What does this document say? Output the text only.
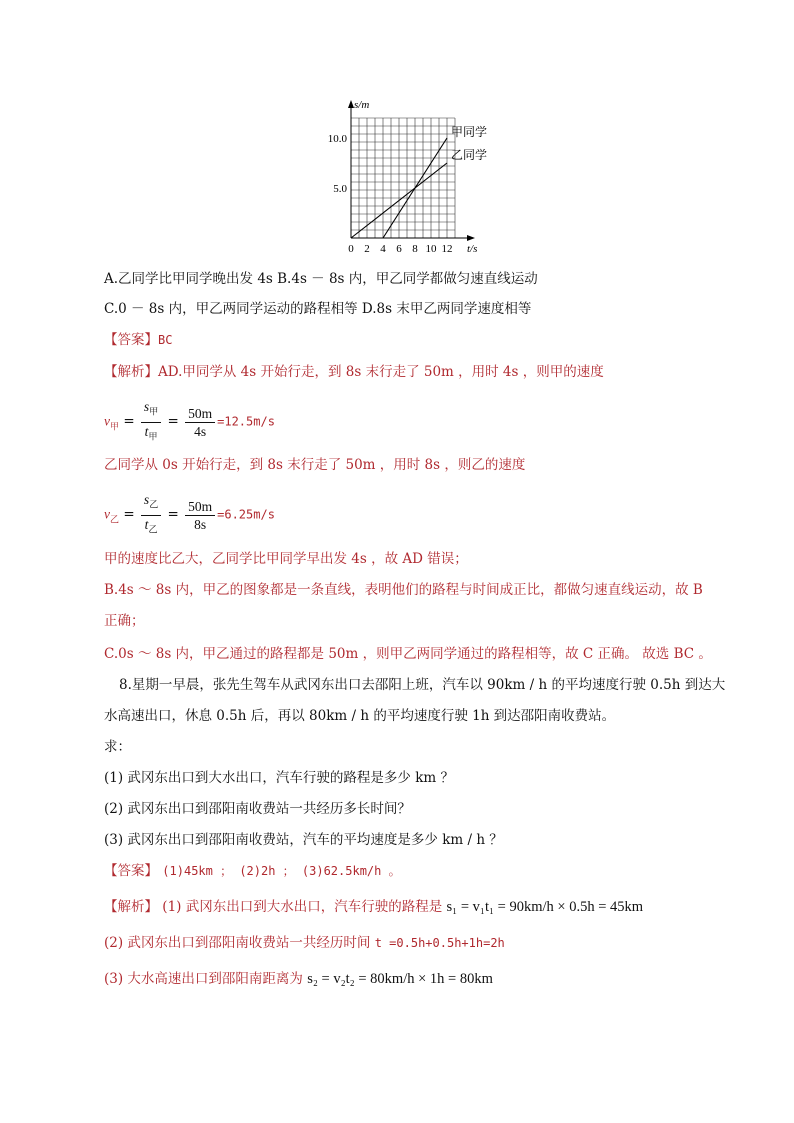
甲同学
乙同学
0 2 4 6 8 10 12
5.0
10.0
s/m
t/s
A.乙同学比甲同学晚出发 4s B.4s － 8s 内，甲乙同学都做匀速直线运动
C.0 － 8s 内，甲乙两同学运动的路程相等 D.8s 末甲乙两同学速度相等
【答案】BC
【解析】AD.甲同学从 4s 开始行走，到 8s 末行走了 50m ，用时 4s ，则甲的速度
$v_甲 = \frac{s_甲}{t_甲} = \frac{50m}{4s} =12.5m/s$
乙同学从 0s 开始行走，到 8s 末行走了 50m ，用时 8s ，则乙的速度
$v_乙 = \frac{s_乙}{t_乙} = \frac{50m}{8s} =6.25m/s$
甲的速度比乙大，乙同学比甲同学早出发 4s ，故 AD 错误；
B.4s ～ 8s 内，甲乙的图象都是一条直线，表明他们的路程与时间成正比，都做匀速直线运动，故 B
正确；
C.0s ～ 8s 内，甲乙通过的路程都是 50m ，则甲乙两同学通过的路程相等，故 C 正确。 故选 BC 。
8.星期一早晨，张先生驾车从武冈东出口去邵阳上班，汽车以 90km / h 的平均速度行驶 0.5h 到达大
水高速出口，休息 0.5h 后，再以 80km / h 的平均速度行驶 1h 到达邵阳南收费站。
求：
(1) 武冈东出口到大水出口，汽车行驶的路程是多少 km ？
(2) 武冈东出口到邵阳南收费站一共经历多长时间？
(3) 武冈东出口到邵阳南收费站，汽车的平均速度是多少 km / h ？
【答案】 (1)45km ； (2)2h ； (3)62.5km/h 。
【解析】 (1) 武冈东出口到大水出口，汽车行驶的路程是 s₁ = v₁t₁ = 90km/h × 0.5h = 45km
(2) 武冈东出口到邵阳南收费站一共经历时间 t =0.5h+0.5h+1h=2h
(3) 大水高速出口到邵阳南距离为 s₂ = v₂t₂ = 80km/h × 1h = 80km
